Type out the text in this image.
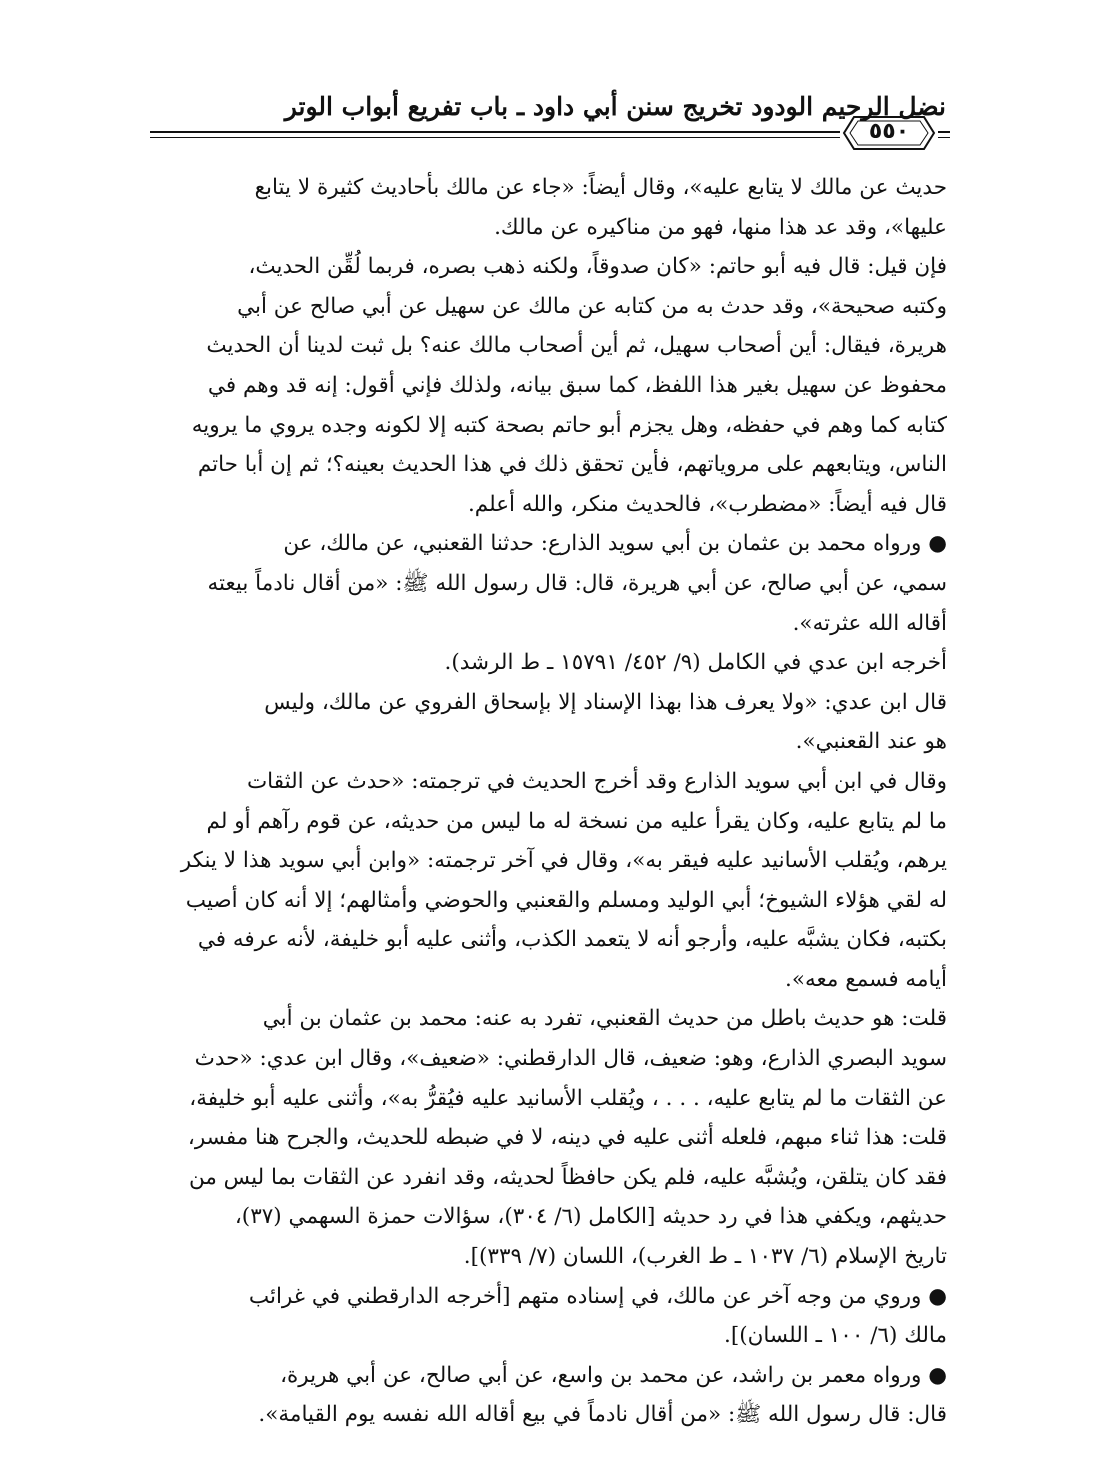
٥٥٠
نضل الرحيم الودود تخريج سنن أبي داود ـ باب تفريع أبواب الوتر
حديث عن مالك لا يتابع عليه»، وقال أيضاً: «جاء عن مالك بأحاديث كثيرة لا يتابع
عليها»، وقد عد هذا منها، فهو من مناكيره عن مالك.
فإن قيل: قال فيه أبو حاتم: «كان صدوقاً، ولكنه ذهب بصره، فربما لُقِّن الحديث،
وكتبه صحيحة»، وقد حدث به من كتابه عن مالك عن سهيل عن أبي صالح عن أبي
هريرة، فيقال: أين أصحاب سهيل، ثم أين أصحاب مالك عنه؟ بل ثبت لدينا أن الحديث
محفوظ عن سهيل بغير هذا اللفظ، كما سبق بيانه، ولذلك فإني أقول: إنه قد وهم في
كتابه كما وهم في حفظه، وهل يجزم أبو حاتم بصحة كتبه إلا لكونه وجده يروي ما يرويه
الناس، ويتابعهم على مروياتهم، فأين تحقق ذلك في هذا الحديث بعينه؟؛ ثم إن أبا حاتم
قال فيه أيضاً: «مضطرب»، فالحديث منكر، والله أعلم.
● ورواه محمد بن عثمان بن أبي سويد الذارع: حدثنا القعنبي، عن مالك، عن
سمي، عن أبي صالح، عن أبي هريرة، قال: قال رسول الله ﷺ: «من أقال نادماً بيعته
أقاله الله عثرته».
أخرجه ابن عدي في الكامل (٩/ ٤٥٢/ ١٥٧٩١ ـ ط الرشد).
قال ابن عدي: «ولا يعرف هذا بهذا الإسناد إلا بإسحاق الفروي عن مالك، وليس
هو عند القعنبي».
وقال في ابن أبي سويد الذارع وقد أخرج الحديث في ترجمته: «حدث عن الثقات
ما لم يتابع عليه، وكان يقرأ عليه من نسخة له ما ليس من حديثه، عن قوم رآهم أو لم
يرهم، ويُقلب الأسانيد عليه فيقر به»، وقال في آخر ترجمته: «وابن أبي سويد هذا لا ينكر
له لقي هؤلاء الشيوخ؛ أبي الوليد ومسلم والقعنبي والحوضي وأمثالهم؛ إلا أنه كان أصيب
بكتبه، فكان يشبَّه عليه، وأرجو أنه لا يتعمد الكذب، وأثنى عليه أبو خليفة، لأنه عرفه في
أيامه فسمع معه».
قلت: هو حديث باطل من حديث القعنبي، تفرد به عنه: محمد بن عثمان بن أبي
سويد البصري الذارع، وهو: ضعيف، قال الدارقطني: «ضعيف»، وقال ابن عدي: «حدث
عن الثقات ما لم يتابع عليه، . . . ، ويُقلب الأسانيد عليه فيُقرُّ به»، وأثنى عليه أبو خليفة،
قلت: هذا ثناء مبهم، فلعله أثنى عليه في دينه، لا في ضبطه للحديث، والجرح هنا مفسر،
فقد كان يتلقن، ويُشبَّه عليه، فلم يكن حافظاً لحديثه، وقد انفرد عن الثقات بما ليس من
حديثهم، ويكفي هذا في رد حديثه [الكامل (٦/ ٣٠٤)، سؤالات حمزة السهمي (٣٧)،
تاريخ الإسلام (٦/ ١٠٣٧ ـ ط الغرب)، اللسان (٧/ ٣٣٩)].
● وروي من وجه آخر عن مالك، في إسناده متهم [أخرجه الدارقطني في غرائب
مالك (٦/ ١٠٠ ـ اللسان)].
● ورواه معمر بن راشد، عن محمد بن واسع، عن أبي صالح، عن أبي هريرة،
قال: قال رسول الله ﷺ: «من أقال نادماً في بيع أقاله الله نفسه يوم القيامة».
